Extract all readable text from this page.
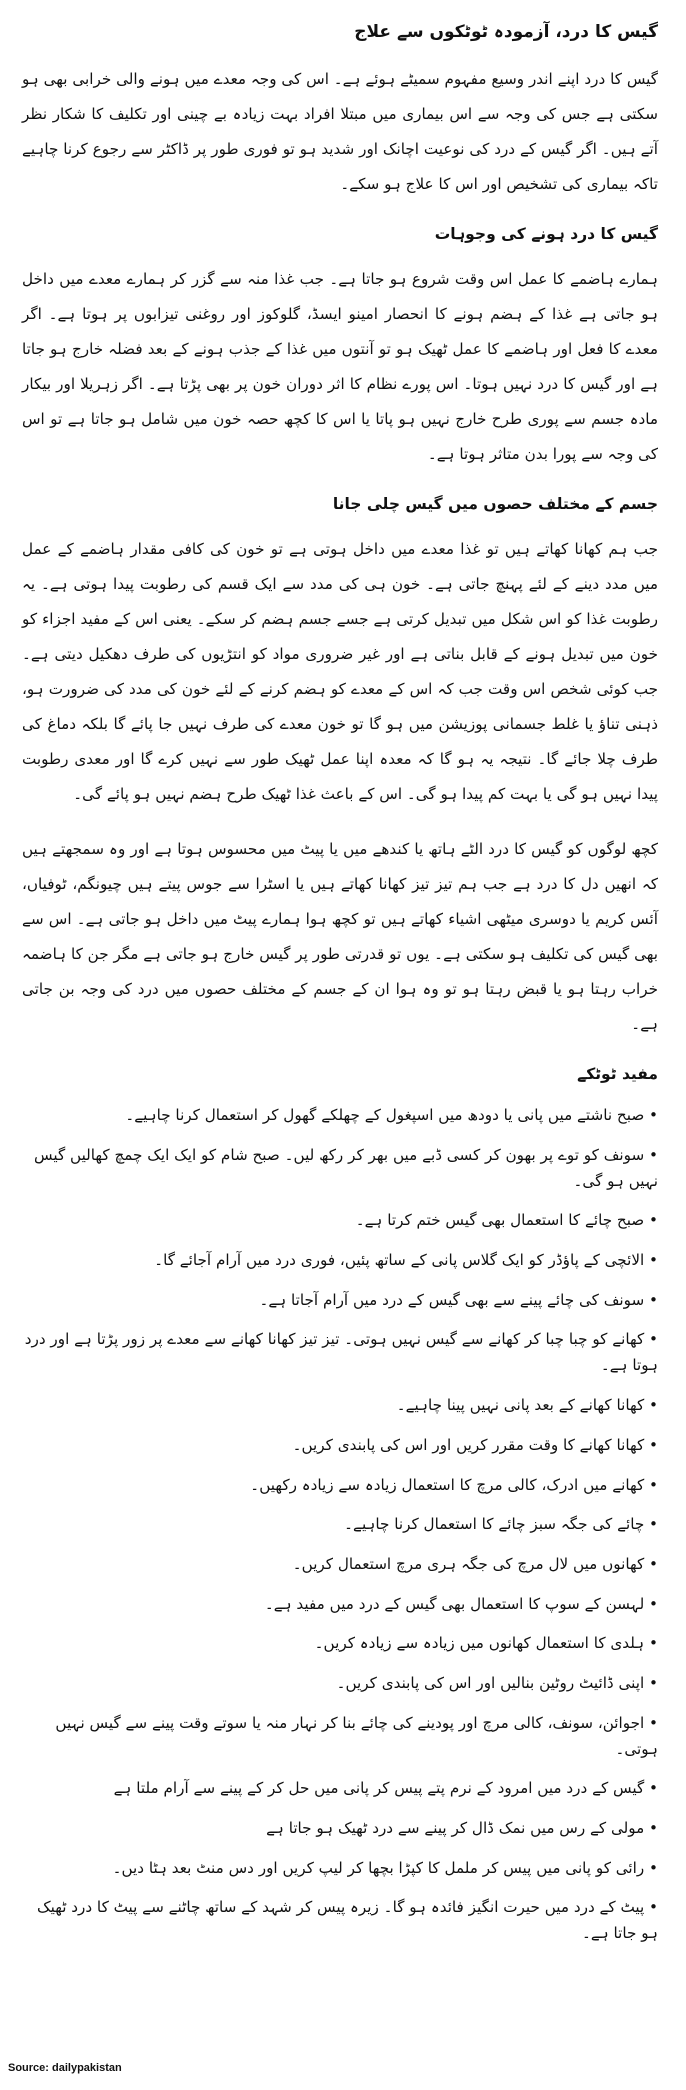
گیس کا درد، آزمودہ ٹوٹکوں سے علاج

گیس کا درد اپنے اندر وسیع مفہوم سمیٹے ہوئے ہے۔ اس کی وجہ معدے میں ہونے والی خرابی بھی ہو سکتی ہے جس کی وجہ سے اس بیماری میں مبتلا افراد بہت زیادہ بے چینی اور تکلیف کا شکار نظر آتے ہیں۔ اگر گیس کے درد کی نوعیت اچانک اور شدید ہو تو فوری طور پر ڈاکٹر سے رجوع کرنا چاہیے تاکہ بیماری کی تشخیص اور اس کا علاج ہو سکے۔

گیس کا درد ہونے کی وجوہات

ہمارے ہاضمے کا عمل اس وقت شروع ہو جاتا ہے۔ جب غذا منہ سے گزر کر ہمارے معدے میں داخل ہو جاتی ہے غذا کے ہضم ہونے کا انحصار امینو ایسڈ، گلوکوز اور روغنی تیزابوں پر ہوتا ہے۔ اگر معدے کا فعل اور ہاضمے کا عمل ٹھیک ہو تو آنتوں میں غذا کے جذب ہونے کے بعد فضلہ خارج ہو جاتا ہے اور گیس کا درد نہیں ہوتا۔ اس پورے نظام کا اثر دوران خون پر بھی پڑتا ہے۔ اگر زہریلا اور بیکار مادہ جسم سے پوری طرح خارج نہیں ہو پاتا یا اس کا کچھ حصہ خون میں شامل ہو جاتا ہے تو اس کی وجہ سے پورا بدن متاثر ہوتا ہے۔

جسم کے مختلف حصوں میں گیس چلی جانا

جب ہم کھانا کھاتے ہیں تو غذا معدے میں داخل ہوتی ہے تو خون کی کافی مقدار ہاضمے کے عمل میں مدد دینے کے لئے پہنچ جاتی ہے۔ خون ہی کی مدد سے ایک قسم کی رطوبت پیدا ہوتی ہے۔ یہ رطوبت غذا کو اس شکل میں تبدیل کرتی ہے جسے جسم ہضم کر سکے۔ یعنی اس کے مفید اجزاء کو خون میں تبدیل ہونے کے قابل بناتی ہے اور غیر ضروری مواد کو انتڑیوں کی طرف دھکیل دیتی ہے۔ جب کوئی شخص اس وقت جب کہ اس کے معدے کو ہضم کرنے کے لئے خون کی مدد کی ضرورت ہو، ذہنی تناؤ یا غلط جسمانی پوزیشن میں ہو گا تو خون معدے کی طرف نہیں جا پائے گا بلکہ دماغ کی طرف چلا جائے گا۔ نتیجہ یہ ہو گا کہ معدہ اپنا عمل ٹھیک طور سے نہیں کرے گا اور معدی رطوبت پیدا نہیں ہو گی یا بہت کم پیدا ہو گی۔ اس کے باعث غذا ٹھیک طرح ہضم نہیں ہو پائے گی۔

کچھ لوگوں کو گیس کا درد الٹے ہاتھ یا کندھے میں یا پیٹ میں محسوس ہوتا ہے اور وہ سمجھتے ہیں کہ انھیں دل کا درد ہے جب ہم تیز تیز کھانا کھاتے ہیں یا اسٹرا سے جوس پیتے ہیں چیونگم، ٹوفیاں، آئس کریم یا دوسری میٹھی اشیاء کھاتے ہیں تو کچھ ہوا ہمارے پیٹ میں داخل ہو جاتی ہے۔ اس سے بھی گیس کی تکلیف ہو سکتی ہے۔ یوں تو قدرتی طور پر گیس خارج ہو جاتی ہے مگر جن کا ہاضمہ خراب رہتا ہو یا قبض رہتا ہو تو وہ ہوا ان کے جسم کے مختلف حصوں میں درد کی وجہ بن جاتی ہے۔

مفید ٹوٹکے
• صبح ناشتے میں پانی یا دودھ میں اسپغول کے چھلکے گھول کر استعمال کرنا چاہیے۔
• سونف کو توے پر بھون کر کسی ڈبے میں بھر کر رکھ لیں۔ صبح شام کو ایک ایک چمچ کھالیں گیس نہیں ہو گی۔
• صبح چائے کا استعمال بھی گیس ختم کرتا ہے۔
• الائچی کے پاؤڈر کو ایک گلاس پانی کے ساتھ پئیں، فوری درد میں آرام آجائے گا۔
• سونف کی چائے پینے سے بھی گیس کے درد میں آرام آجاتا ہے۔
• کھانے کو چبا چبا کر کھانے سے گیس نہیں ہوتی۔ تیز تیز کھانا کھانے سے معدے پر زور پڑتا ہے اور درد ہوتا ہے۔
• کھانا کھانے کے بعد پانی نہیں پینا چاہیے۔
• کھانا کھانے کا وقت مقرر کریں اور اس کی پابندی کریں۔
• کھانے میں ادرک، کالی مرچ کا استعمال زیادہ سے زیادہ رکھیں۔
• چائے کی جگہ سبز چائے کا استعمال کرنا چاہیے۔
• کھانوں میں لال مرچ کی جگہ ہری مرچ استعمال کریں۔
• لہسن کے سوپ کا استعمال بھی گیس کے درد میں مفید ہے۔
• ہلدی کا استعمال کھانوں میں زیادہ سے زیادہ کریں۔
• اپنی ڈائیٹ روٹین بنالیں اور اس کی پابندی کریں۔
• اجوائن، سونف، کالی مرچ اور پودینے کی چائے بنا کر نہار منہ یا سوتے وقت پینے سے گیس نہیں ہوتی۔
• گیس کے درد میں امرود کے نرم پتے پیس کر پانی میں حل کر کے پینے سے آرام ملتا ہے
• مولی کے رس میں نمک ڈال کر پینے سے درد ٹھیک ہو جاتا ہے
• رائی کو پانی میں پیس کر ململ کا کپڑا بچھا کر لیپ کریں اور دس منٹ بعد ہٹا دیں۔
• پیٹ کے درد میں حیرت انگیز فائدہ ہو گا۔ زیرہ پیس کر شہد کے ساتھ چاٹنے سے پیٹ کا درد ٹھیک ہو جاتا ہے۔
Source: dailypakistan
